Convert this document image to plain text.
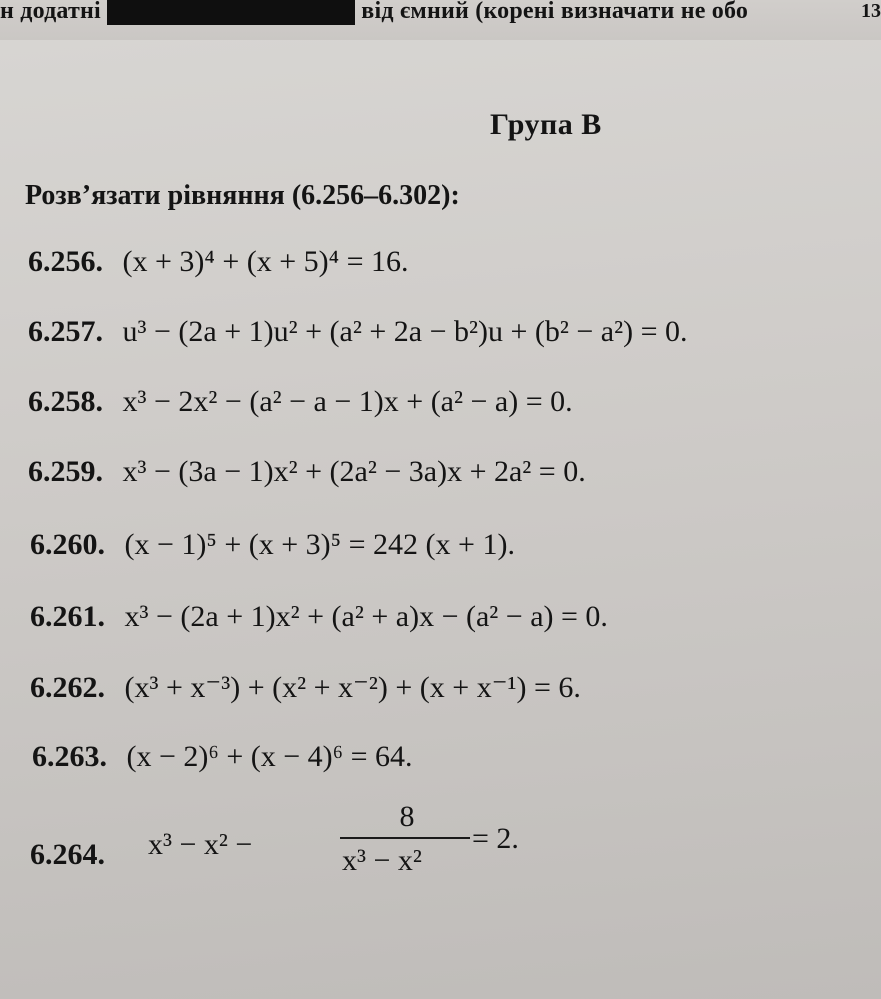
н додатні                     	від ємний (корені визначати не обо	13
Група В
Розв’язати рівняння (6.256–6.302):
6.256. (x + 3)⁴ + (x + 5)⁴ = 16.
6.257. u³ − (2a + 1)u² + (a² + 2a − b²)u + (b² − a²) = 0.
6.258. x³ − 2x² − (a² − a − 1)x + (a² − a) = 0.
6.259. x³ − (3a − 1)x² + (2a² − 3a)x + 2a² = 0.
6.260. (x − 1)⁵ + (x + 3)⁵ = 242 (x + 1).
6.261. x³ − (2a + 1)x² + (a² + a)x − (a² − a) = 0.
6.262. (x³ + x⁻³) + (x² + x⁻²) + (x + x⁻¹) = 6.
6.263. (x − 2)⁶ + (x − 4)⁶ = 64.
6.264. x³ − x² −
8
x³ − x²
= 2.
